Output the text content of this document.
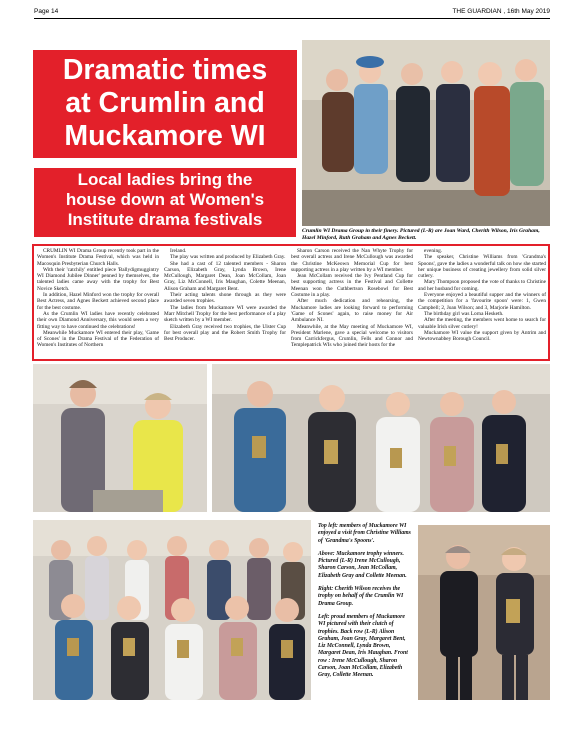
Page 14	THE GUARDIAN , 16th May 2019
Dramatic times
at Crumlin and
Muckamore WI
Local ladies bring the
house down at Women's
Institute drama festivals
Crumlin WI Drama Group in their finery. Pictured (L-R) are Joan Ward, Cherith Wilson, Iris Graham, Hazel Minford, Ruth Graham and Agnes Beckett.

CRUMLIN WI Drama Group recently took part in the Women's Institute Drama Festival, which was held in Macosquin Presbyterian Church Halls.

With their 'catchily' entitled piece 'Ballydigmuggintry WI Diamond Jubilee Dinner' penned by themselves, the talented ladies came away with the trophy for Best Novice Sketch.

In addition, Hazel Minford won the trophy for overall Best Actress, and Agnes Beckett achieved second place for the best costume.

As the Crumlin WI ladies have recently celebrated their own Diamond Anniversary, this would seem a very fitting way to have continued the celebrations!

Meanwhile Muckamore WI entered their play, 'Game of Scones' in the Drama Festival of the Federation of Women's Institutes of Northern

Ireland.

The play was written and produced by Elizabeth Gray.

She had a cast of 12 talented members - Sharon Carson, Elizabeth Gray, Lynda Brown, Irene McCullough, Margaret Dean, Joan McCollam, Joan Gray, Liz McConnell, Iris Maughan, Colette Meenan, Alison Graham and Margaret Bent.

Their acting talents shone through as they were awarded seven trophies.

The ladies from Muckamore WI were awarded the Marr Mitchell Trophy for the best performance of a play sketch written by a WI member.

Elizabeth Gray received two trophies, the Ulster Cup for best overall play and the Robert Smith Trophy for Best Producer.

Sharon Carson received the Nan Whyte Trophy for best overall actress and Irene McCullough was awarded the Christine McKeown Memorial Cup for best supporting actress in a play written by a WI member.

Jean McCollam received the Ivy Pentland Cup for best supporting actress in the Festival and Collette Meenan won the Cuthbertson Rosebowl for Best Costume in a play.

After much dedication and rehearsing, the Muckamore ladies are looking forward to performing 'Game of Scones' again, to raise money for Air Ambulance NI.

Meanwhile, at the May meeting of Muckamore WI, President Marlene, gave a special welcome to visitors from Carrickfergus, Crumlin, Fells and Connor and Templepatrick WIs who joined their hosts for the

evening.

The speaker, Christine Williams from 'Grandma's Spoons', gave the ladies a wonderful talk on how she started her unique business of creating jewellery from solid silver cutlery.

Mary Thompson proposed the vote of thanks to Christine and her husband for coming.

Everyone enjoyed a beautiful supper and the winners of the competition for a 'favourite spoon' were: 1, Gwen Campbell; 2, Joan Wilson; and 3, Marjorie Hamilton.

The birthday girl was Lorna Hesketh.

After the meeting, the members went home to search for valuable Irish silver cutlery!

Muckamore WI value the support given by Antrim and Newtownabbey Borough Council.

Top left: members of Muckamore WI enjoyed a visit from Christine Williams of 'Grandma's Spoons'.

Above: Muckamore trophy winners. Pictured (L-R) Irene McCullough, Sharon Carson, Jean McCollam, Elizabeth Gray and Collette Meenan.

Right: Cherith Wilson receives the trophy on behalf of the Crumlin WI Drama Group.

Left: proud members of Muckamore WI pictured with their clutch of trophies. Back row (L-R) Alison Graham, Joan Gray, Margaret Bent, Liz McConnell, Lynda Brown, Margaret Dean, Iris Maughan. Front row : Irene McCullough, Sharon Carson, Joan McCollam, Elizabeth Gray, Collette Meenan.
